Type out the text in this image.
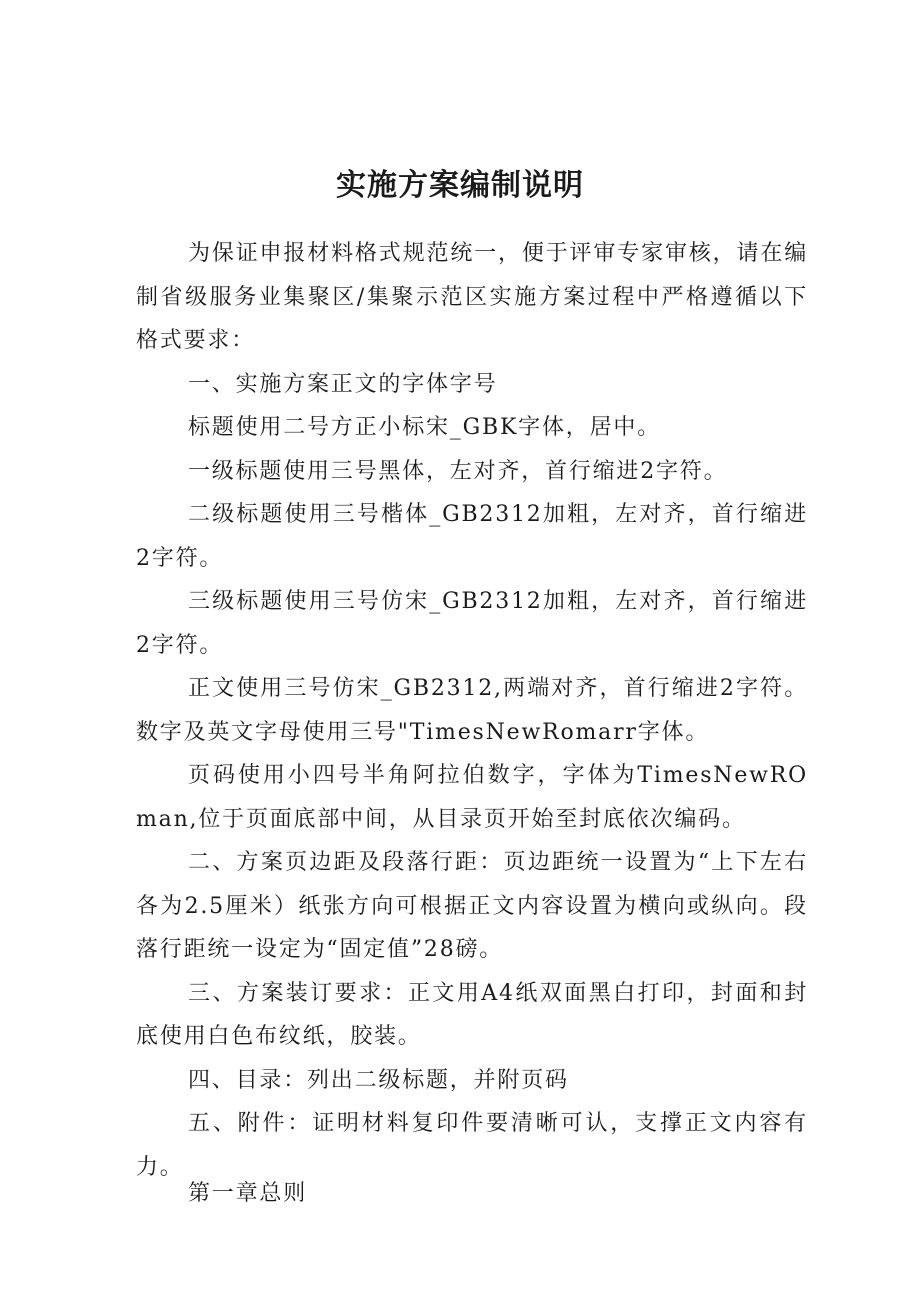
实施方案编制说明

为保证申报材料格式规范统一，便于评审专家审核，请在编制省级服务业集聚区/集聚示范区实施方案过程中严格遵循以下格式要求：

一、实施方案正文的字体字号

标题使用二号方正小标宋_GBK字体，居中。

一级标题使用三号黑体，左对齐，首行缩进2字符。

二级标题使用三号楷体_GB2312加粗，左对齐，首行缩进2字符。

三级标题使用三号仿宋_GB2312加粗，左对齐，首行缩进2字符。

正文使用三号仿宋_GB2312,两端对齐，首行缩进2字符。数字及英文字母使用三号"TimesNewRomarr字体。

页码使用小四号半角阿拉伯数字，字体为TimesNewROman,位于页面底部中间，从目录页开始至封底依次编码。

二、方案页边距及段落行距：页边距统一设置为“上下左右各为2.5厘米）纸张方向可根据正文内容设置为横向或纵向。段落行距统一设定为“固定值”28磅。

三、方案装订要求：正文用A4纸双面黑白打印，封面和封底使用白色布纹纸，胶装。

四、目录：列出二级标题，并附页码

五、附件：证明材料复印件要清晰可认，支撑正文内容有力。

第一章总则
